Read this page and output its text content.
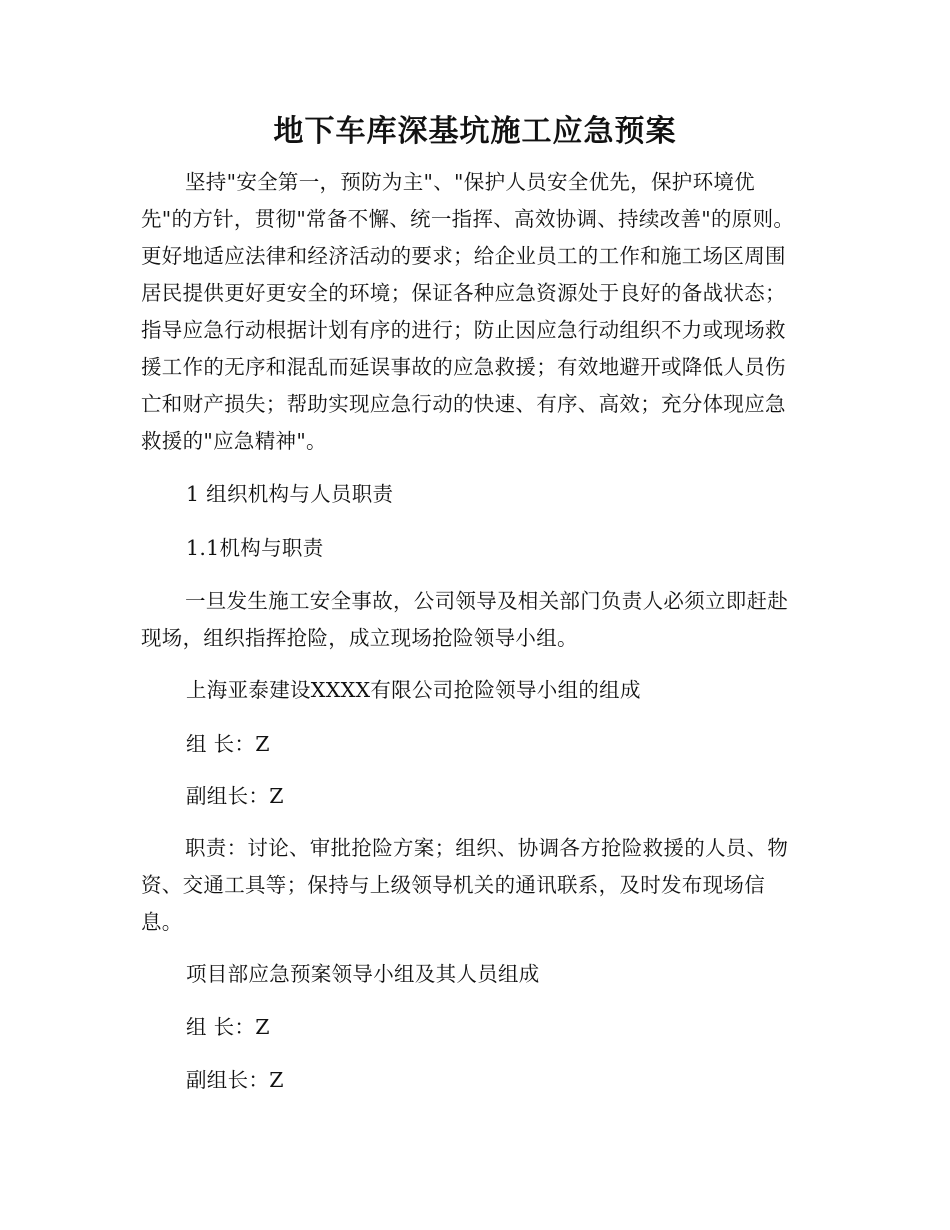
地下车库深基坑施工应急预案

坚持"安全第一，预防为主"、"保护人员安全优先，保护环境优先"的方针，贯彻"常备不懈、统一指挥、高效协调、持续改善"的原则。更好地适应法律和经济活动的要求；给企业员工的工作和施工场区周围居民提供更好更安全的环境；保证各种应急资源处于良好的备战状态；指导应急行动根据计划有序的进行；防止因应急行动组织不力或现场救援工作的无序和混乱而延误事故的应急救援；有效地避开或降低人员伤亡和财产损失；帮助实现应急行动的快速、有序、高效；充分体现应急救援的"应急精神"。

1 组织机构与人员职责

1.1机构与职责

一旦发生施工安全事故，公司领导及相关部门负责人必须立即赶赴现场，组织指挥抢险，成立现场抢险领导小组。

上海亚泰建设XXXX有限公司抢险领导小组的组成

组 长：Z

副组长：Z

职责：讨论、审批抢险方案；组织、协调各方抢险救援的人员、物资、交通工具等；保持与上级领导机关的通讯联系，及时发布现场信息。

项目部应急预案领导小组及其人员组成

组 长：Z

副组长：Z
